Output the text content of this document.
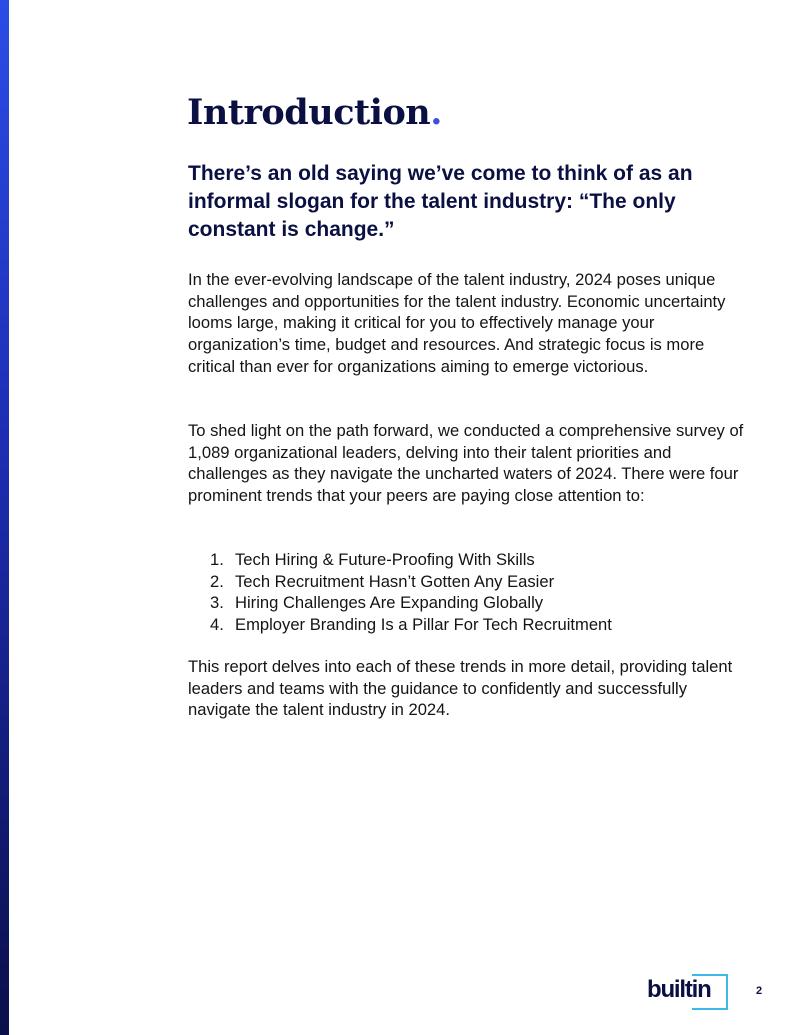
Introduction.

There’s an old saying we’ve come to think of as an informal slogan for the talent industry: “The only constant is change.”

In the ever-evolving landscape of the talent industry, 2024 poses unique challenges and opportunities for the talent industry. Economic uncertainty looms large, making it critical for you to effectively manage your organization’s time, budget and resources. And strategic focus is more critical than ever for organizations aiming to emerge victorious.

To shed light on the path forward, we conducted a comprehensive survey of 1,089 organizational leaders, delving into their talent priorities and challenges as they navigate the uncharted waters of 2024. There were four prominent trends that your peers are paying close attention to:

1. Tech Hiring & Future-Proofing With Skills
2. Tech Recruitment Hasn’t Gotten Any Easier
3. Hiring Challenges Are Expanding Globally
4. Employer Branding Is a Pillar For Tech Recruitment

This report delves into each of these trends in more detail, providing talent leaders and teams with the guidance to confidently and successfully navigate the talent industry in 2024.

builtin	2
